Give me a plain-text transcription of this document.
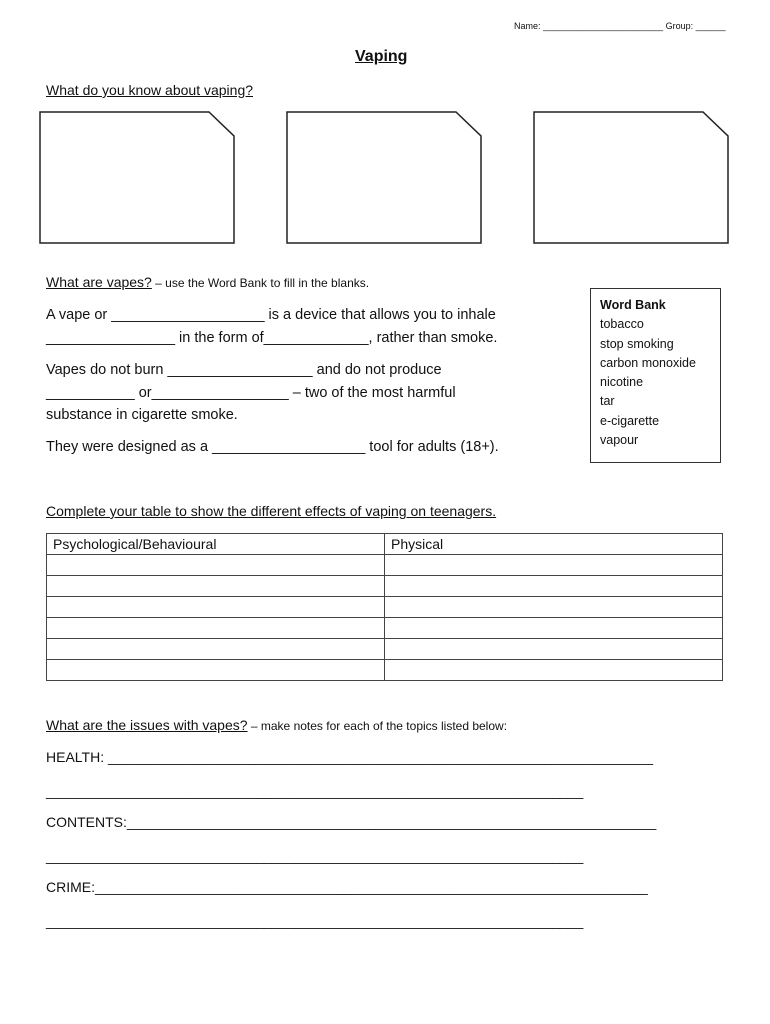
Name: ________________________ Group: ______
Vaping
What do you know about vaping?
What are vapes? – use the Word Bank to fill in the blanks.
A vape or ___________________ is a device that allows you to inhale
________________ in the form of_____________, rather than smoke.
Vapes do not burn __________________ and do not produce
___________ or_________________ – two of the most harmful
substance in cigarette smoke.
They were designed as a ___________________ tool for adults (18+).
Word Bank
tobacco
stop smoking
carbon monoxide
nicotine
tar
e-cigarette
vapour
Complete your table to show the different effects of vaping on teenagers.
Psychological/Behavioural	Physical

What are the issues with vapes? – make notes for each of the topics listed below:
HEALTH: ______________________________________________________________________
_____________________________________________________________________
CONTENTS:____________________________________________________________________
_____________________________________________________________________
CRIME:_______________________________________________________________________
_____________________________________________________________________
